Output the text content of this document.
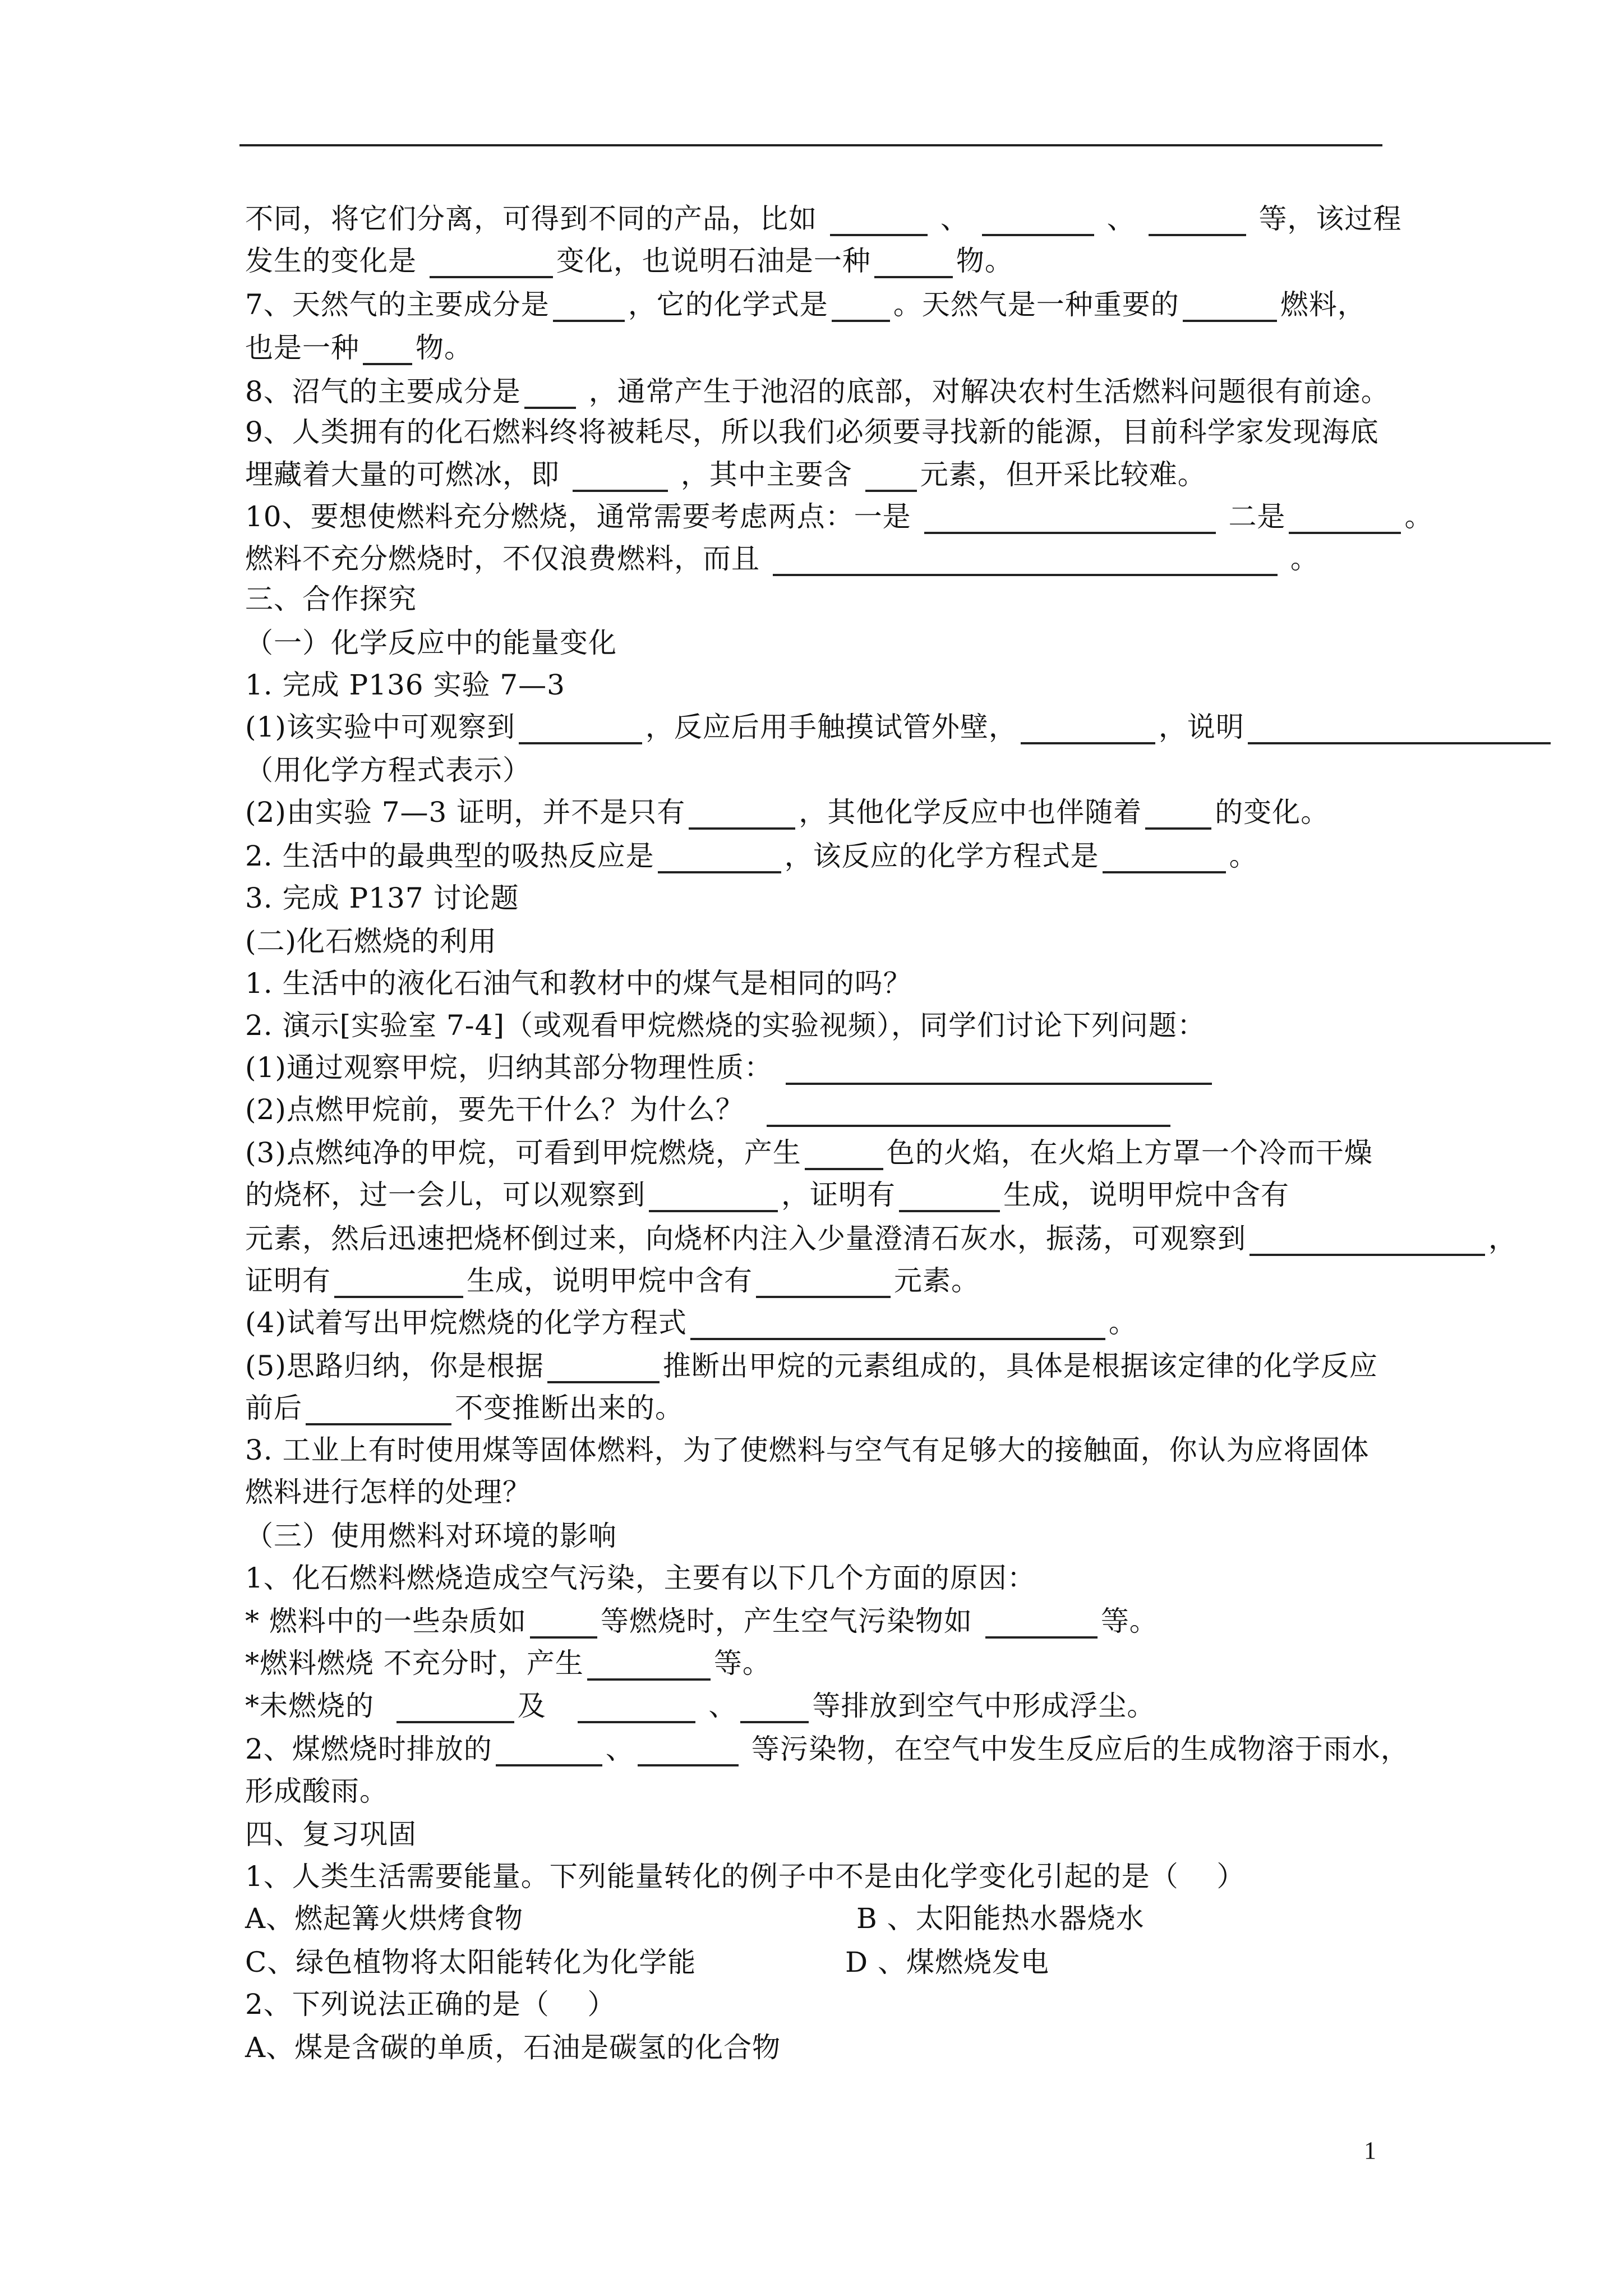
不同，将它们分离，可得到不同的产品，比如	、	、	等，该过程
发生的变化是	变化，也说明石油是一种	物。
7、天然气的主要成分是	，它的化学式是 。天然气是一种重要的	燃料，
也是一种 物。
8、沼气的主要成分是 ，通常产生于池沼的底部，对解决农村生活燃料问题很有前途。
9、人类拥有的化石燃料终将被耗尽，所以我们必须要寻找新的能源，目前科学家发现海底
埋藏着大量的可燃冰，即	，其中主要含 元素，但开采比较难。
10、要想使燃料充分燃烧，通常需要考虑两点：一是	二是	。
燃料不充分燃烧时，不仅浪费燃料，而且	。
三、合作探究
（一）化学反应中的能量变化
1. 完成 P136 实验 7—3
(1)该实验中可观察到	，反应后用手触摸试管外壁，	，说明
（用化学方程式表示）
(2)由实验 7—3 证明，并不是只有	，其他化学反应中也伴随着	的变化。
2. 生活中的最典型的吸热反应是	，该反应的化学方程式是	。
3. 完成 P137 讨论题
(二)化石燃烧的利用
1. 生活中的液化石油气和教材中的煤气是相同的吗？
2. 演示[实验室 7-4]（或观看甲烷燃烧的实验视频），同学们讨论下列问题：
(1)通过观察甲烷，归纳其部分物理性质：
(2)点燃甲烷前，要先干什么？为什么？
(3)点燃纯净的甲烷，可看到甲烷燃烧，产生	色的火焰，在火焰上方罩一个冷而干燥
的烧杯，过一会儿，可以观察到	，证明有	生成，说明甲烷中含有
元素，然后迅速把烧杯倒过来，向烧杯内注入少量澄清石灰水，振荡，可观察到	，
证明有	生成，说明甲烷中含有	元素。
(4)试着写出甲烷燃烧的化学方程式	。
(5)思路归纳，你是根据	推断出甲烷的元素组成的，具体是根据该定律的化学反应
前后	不变推断出来的。
3. 工业上有时使用煤等固体燃料，为了使燃料与空气有足够大的接触面，你认为应将固体
燃料进行怎样的处理？
（三）使用燃料对环境的影响
1、化石燃料燃烧造成空气污染，主要有以下几个方面的原因：
* 燃料中的一些杂质如	等燃烧时，产生空气污染物如	等。
*燃料燃烧 不充分时，产生	等。
*未燃烧的	及	、	等排放到空气中形成浮尘。
2、煤燃烧时排放的	、	等污染物，在空气中发生反应后的生成物溶于雨水，
形成酸雨。
四、复习巩固
1、人类生活需要能量。下列能量转化的例子中不是由化学变化引起的是（    ）
A、燃起篝火烘烤食物	B 、太阳能热水器烧水
C、绿色植物将太阳能转化为化学能	D 、煤燃烧发电
2、下列说法正确的是（    ）
A、煤是含碳的单质，石油是碳氢的化合物
1
